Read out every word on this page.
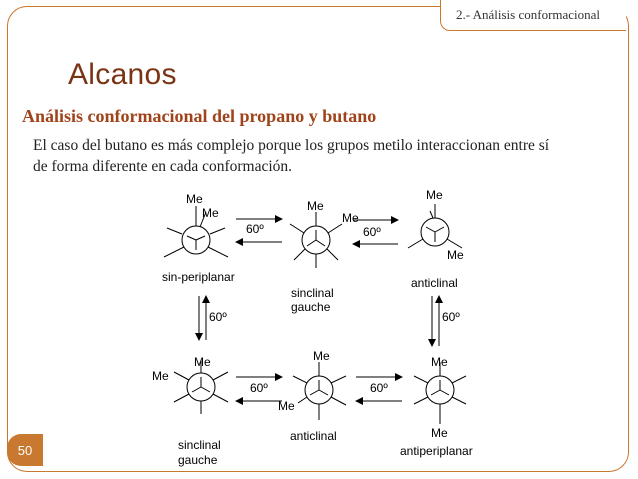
2.- Análisis conformacional
Alcanos
Análisis conformacional del propano y butano
El caso del butano es más complejo porque los grupos metilo interaccionan entre sí de forma diferente en cada conformación.
Me
Me
sin-periplanar
Me
Me
sinclinal
gauche
Me
Me
anticlinal
Me
Me
sinclinal
gauche
Me
Me
anticlinal
Me
Me
antiperiplanar
60º	60º
60º	60º
60º	60º
50
